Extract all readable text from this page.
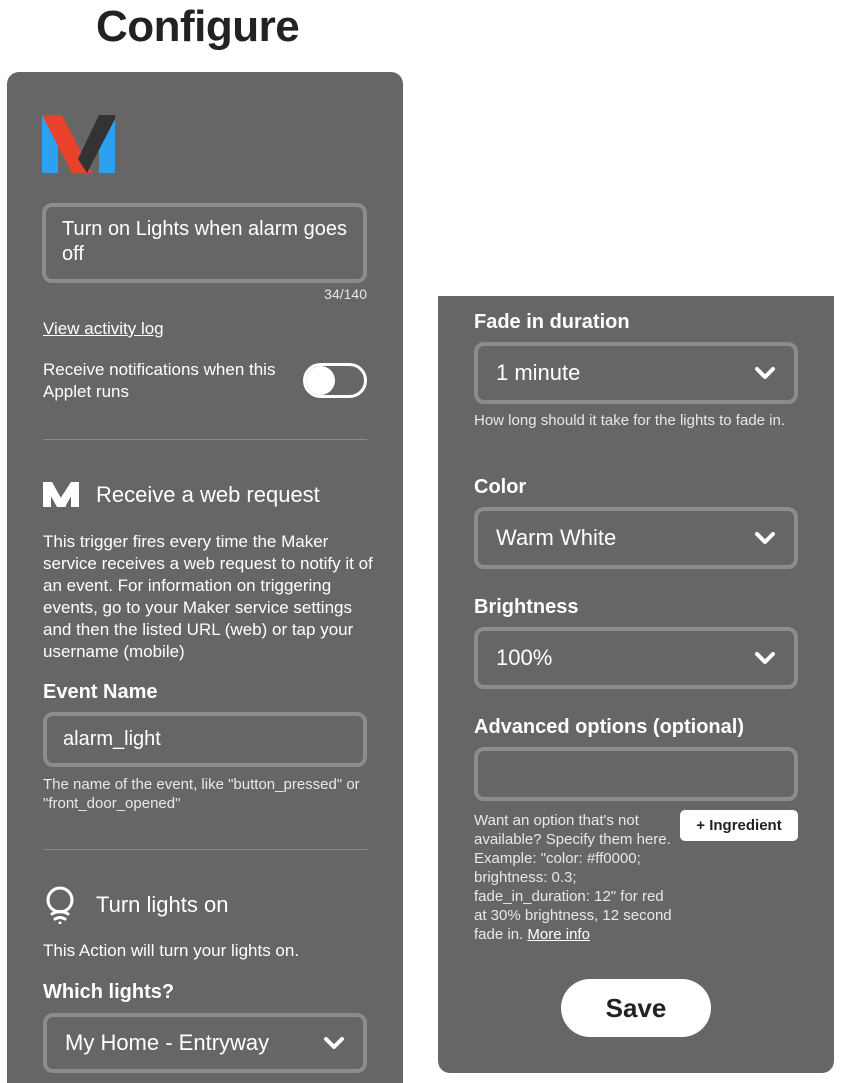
Configure
Turn on Lights when alarm goes off
34/140
View activity log
Receive notifications when this Applet runs
Receive a web request
This trigger fires every time the Maker service receives a web request to notify it of an event. For information on triggering events, go to your Maker service settings and then the listed URL (web) or tap your username (mobile)
Event Name
alarm_light
The name of the event, like "button_pressed" or "front_door_opened"
Turn lights on
This Action will turn your lights on.
Which lights?
My Home - Entryway
Fade in duration
1 minute
How long should it take for the lights to fade in.
Color
Warm White
Brightness
100%
Advanced options (optional)
Want an option that's not available? Specify them here. Example: "color: #ff0000; brightness: 0.3; fade_in_duration: 12" for red at 30% brightness, 12 second fade in. More info
+ Ingredient
Save
